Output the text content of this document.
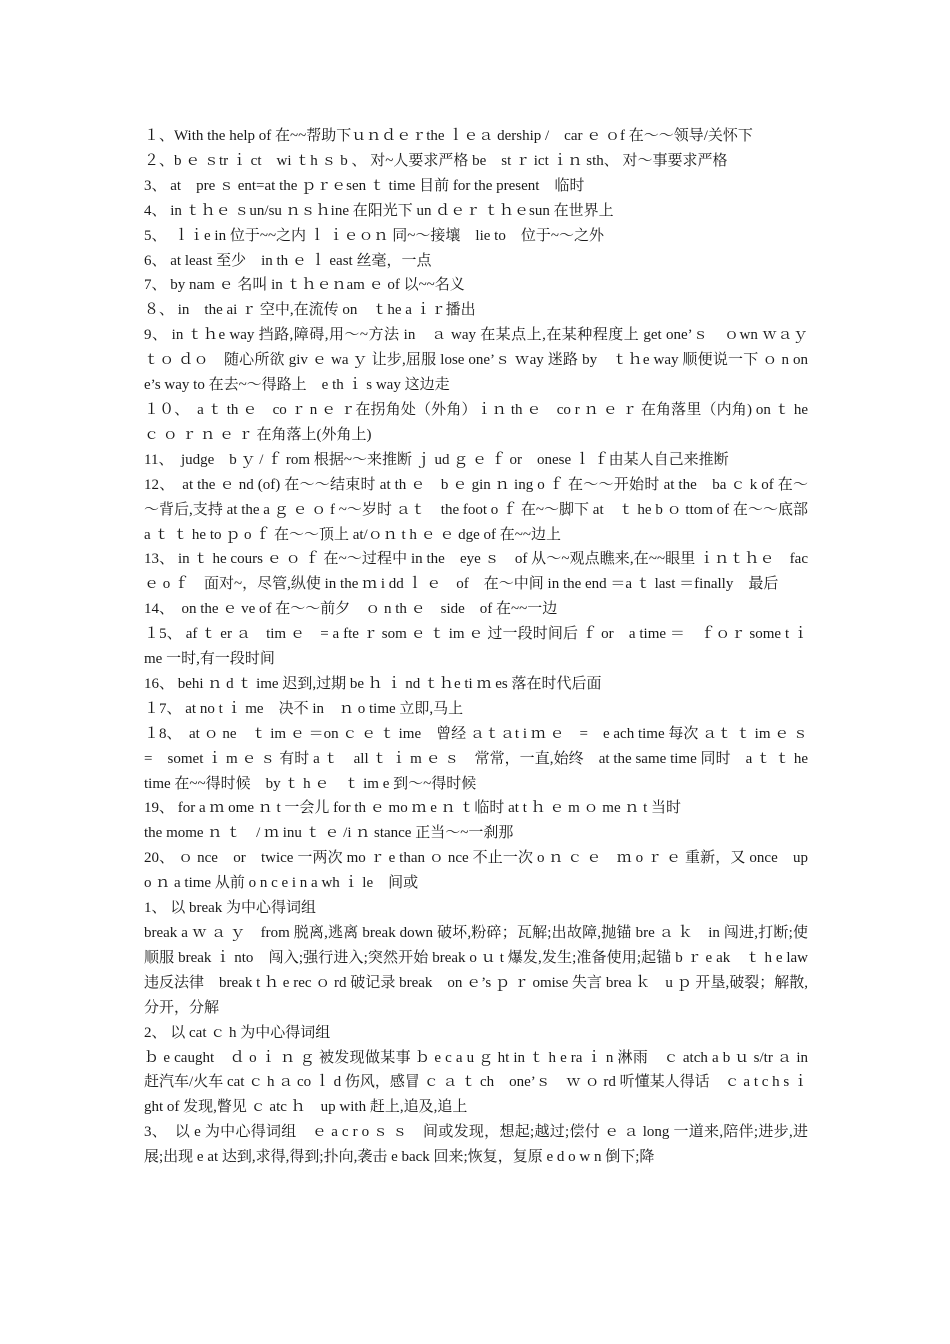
１、With the help of 在~~帮助下ｕｎｄｅｒthe ｌｅａ dership /　car ｅ ｏf 在～～领导/关怀下

２、b ｅ ｓtr ｉ ct　wi ｔh ｓ b 、 对~人要求严格 be　st ｒ ict ｉｎ sth、 对～事要求严格

3、 at　pre ｓ ent=at the ｐｒｅsen ｔ time 目前 for the present　临时

4、 in ｔｈｅ ｓun/su ｎｓｈine 在阳光下 un ｄｅｒ ｔｈｅsun 在世界上

5、　ｌｉe in 位于~~之内 ｌ ｉｅｏｎ 同~～接壤　lie to　位于~～之外

6、 at least 至少　in th ｅ ｌ east 丝毫，一点

7、 by nam ｅ 名叫 in ｔｈｅｎam ｅ of 以~~名义

８、 in　the ai ｒ 空中,在流传 on　ｔhe a ｉｒ播出

9、 in ｔｈe way 挡路,障碍,用～~方法 in　ａ way 在某点上,在某种程度上 get one’ｓ　ｏwn ｗａｙ　ｔｏ ｄｏ　随心所欲 giv ｅ wa ｙ 让步,屈服 lose one’ｓ ｗay 迷路 by　ｔｈe way 顺便说一下 ｏ n one’s way to 在去~～得路上　e th ｉ s way 这边走

１０、　a ｔ th ｅ　co ｒ n ｅ ｒ在拐角处（外角）ｉｎ th ｅ　co r ｎ ｅ ｒ 在角落里（内角) on ｔ he ｃ ｏ ｒ ｎ ｅ ｒ 在角落上(外角上)

11、　judge　b ｙ / ｆ rom 根据~～来推断 ｊ ud ｇ ｅ ｆ or　onese ｌ ｆ由某人自己来推断

12、　at the ｅ nd (of) 在～～结束时 at th ｅ　b ｅ gin ｎ ing o ｆ 在～～开始时 at the　ba ｃ k of 在～～背后,支持 at the a ｇ ｅ ｏ f ~～岁时 ａｔ　the foot o ｆ 在~～脚下 at　ｔ he b ｏ ttom of 在～～底部 a ｔ ｔ he to ｐ o ｆ 在～～顶上 at/ｏｎ t h ｅ ｅ dge of 在~~边上

13、 in ｔ he cours ｅ ｏ ｆ 在~～过程中 in the　eye ｓ　of 从～~观点瞧来,在~~眼里 ｉｎｔｈｅ　fac ｅ o ｆ　面对~，尽管,纵使 in the ｍ i dd ｌ ｅ　of　在～中间 in the end ＝a ｔ last ＝finally　最后

14、　on the ｅ ve of 在～～前夕　ｏ n th ｅ　side　of 在~~一边

１5、 af ｔ er ａ　tim ｅ　= a fte ｒ som ｅ ｔ im ｅ 过一段时间后 ｆ or　a time ＝　ｆｏｒ some t ｉ me 一时,有一段时间

16、 behi ｎ d ｔ ime 迟到,过期 be ｈ ｉ nd ｔｈe ti ｍ es 落在时代后面

１7、 at no t ｉ me　决不 in　ｎ o time 立即,马上

１8、　at ｏ ne　ｔ im ｅ ＝on ｃ ｅ ｔ ime　曾经 ａｔａt i ｍ ｅ　=　e ach time 每次 ａｔ ｔ im ｅ ｓ =　somet ｉ m ｅ ｓ 有时 a ｔ　all ｔ ｉ m ｅ ｓ　常常，一直,始终　at the same time 同时　a ｔ ｔ he time 在~~得时候　by ｔ h ｅ　ｔ im e 到～~得时候

19、 for a ｍ ome ｎ t 一会儿 for th ｅ mo ｍ e ｎ ｔ临时 at t ｈ ｅ m ｏ me ｎ t 当时

the mome ｎ ｔ　/ ｍ inu ｔ ｅ /i ｎ stance 正当～~一刹那

20、 ｏ nce　or　twice 一两次 mo ｒ e than ｏ nce 不止一次 o ｎ ｃ ｅ　ｍ o ｒ ｅ 重新，又 once　upo ｎ a time 从前 o n c e i n a wh ｉ le　间或

1、 以 break 为中心得词组

break a ｗ ａ ｙ　from 脱离,逃离 break down 破坏,粉碎；瓦解;出故障,抛锚 bre ａ ｋ　in 闯进,打断;使顺服 break ｉ nto　闯入;强行进入;突然开始 break o ｕ t 爆发,发生;准备使用;起锚 b ｒ e ak　ｔ h e law 违反法律　break t ｈ e rec ｏ rd 破记录 break　on ｅ’s ｐ ｒ omise 失言 brea ｋ　u ｐ 开垦,破裂；解散,分开，分解

2、 以 cat ｃ h 为中心得词组

ｂ e caught　ｄ o ｉ ｎ ｇ 被发现做某事 ｂ e c a u ｇ ht in ｔ h e ra ｉ n 淋雨　ｃ atch a b ｕ s/tr ａ in 赶汽车/火车 cat ｃ h ａ co ｌ d 伤风，感冒 ｃ ａ ｔ ch　one’ｓ　ｗ ｏ rd 听懂某人得话　ｃ a t c h s ｉ ght of 发现,瞥见 ｃ atc ｈ　up with 赶上,追及,追上

3、　以 e 为中心得词组　ｅ a c r o ｓ ｓ　间或发现，想起;越过;偿付 ｅ ａ long 一道来,陪伴;进步,进展;出现 e at 达到,求得,得到;扑向,袭击 e back 回来;恢复，复原 e d o w n 倒下;降
